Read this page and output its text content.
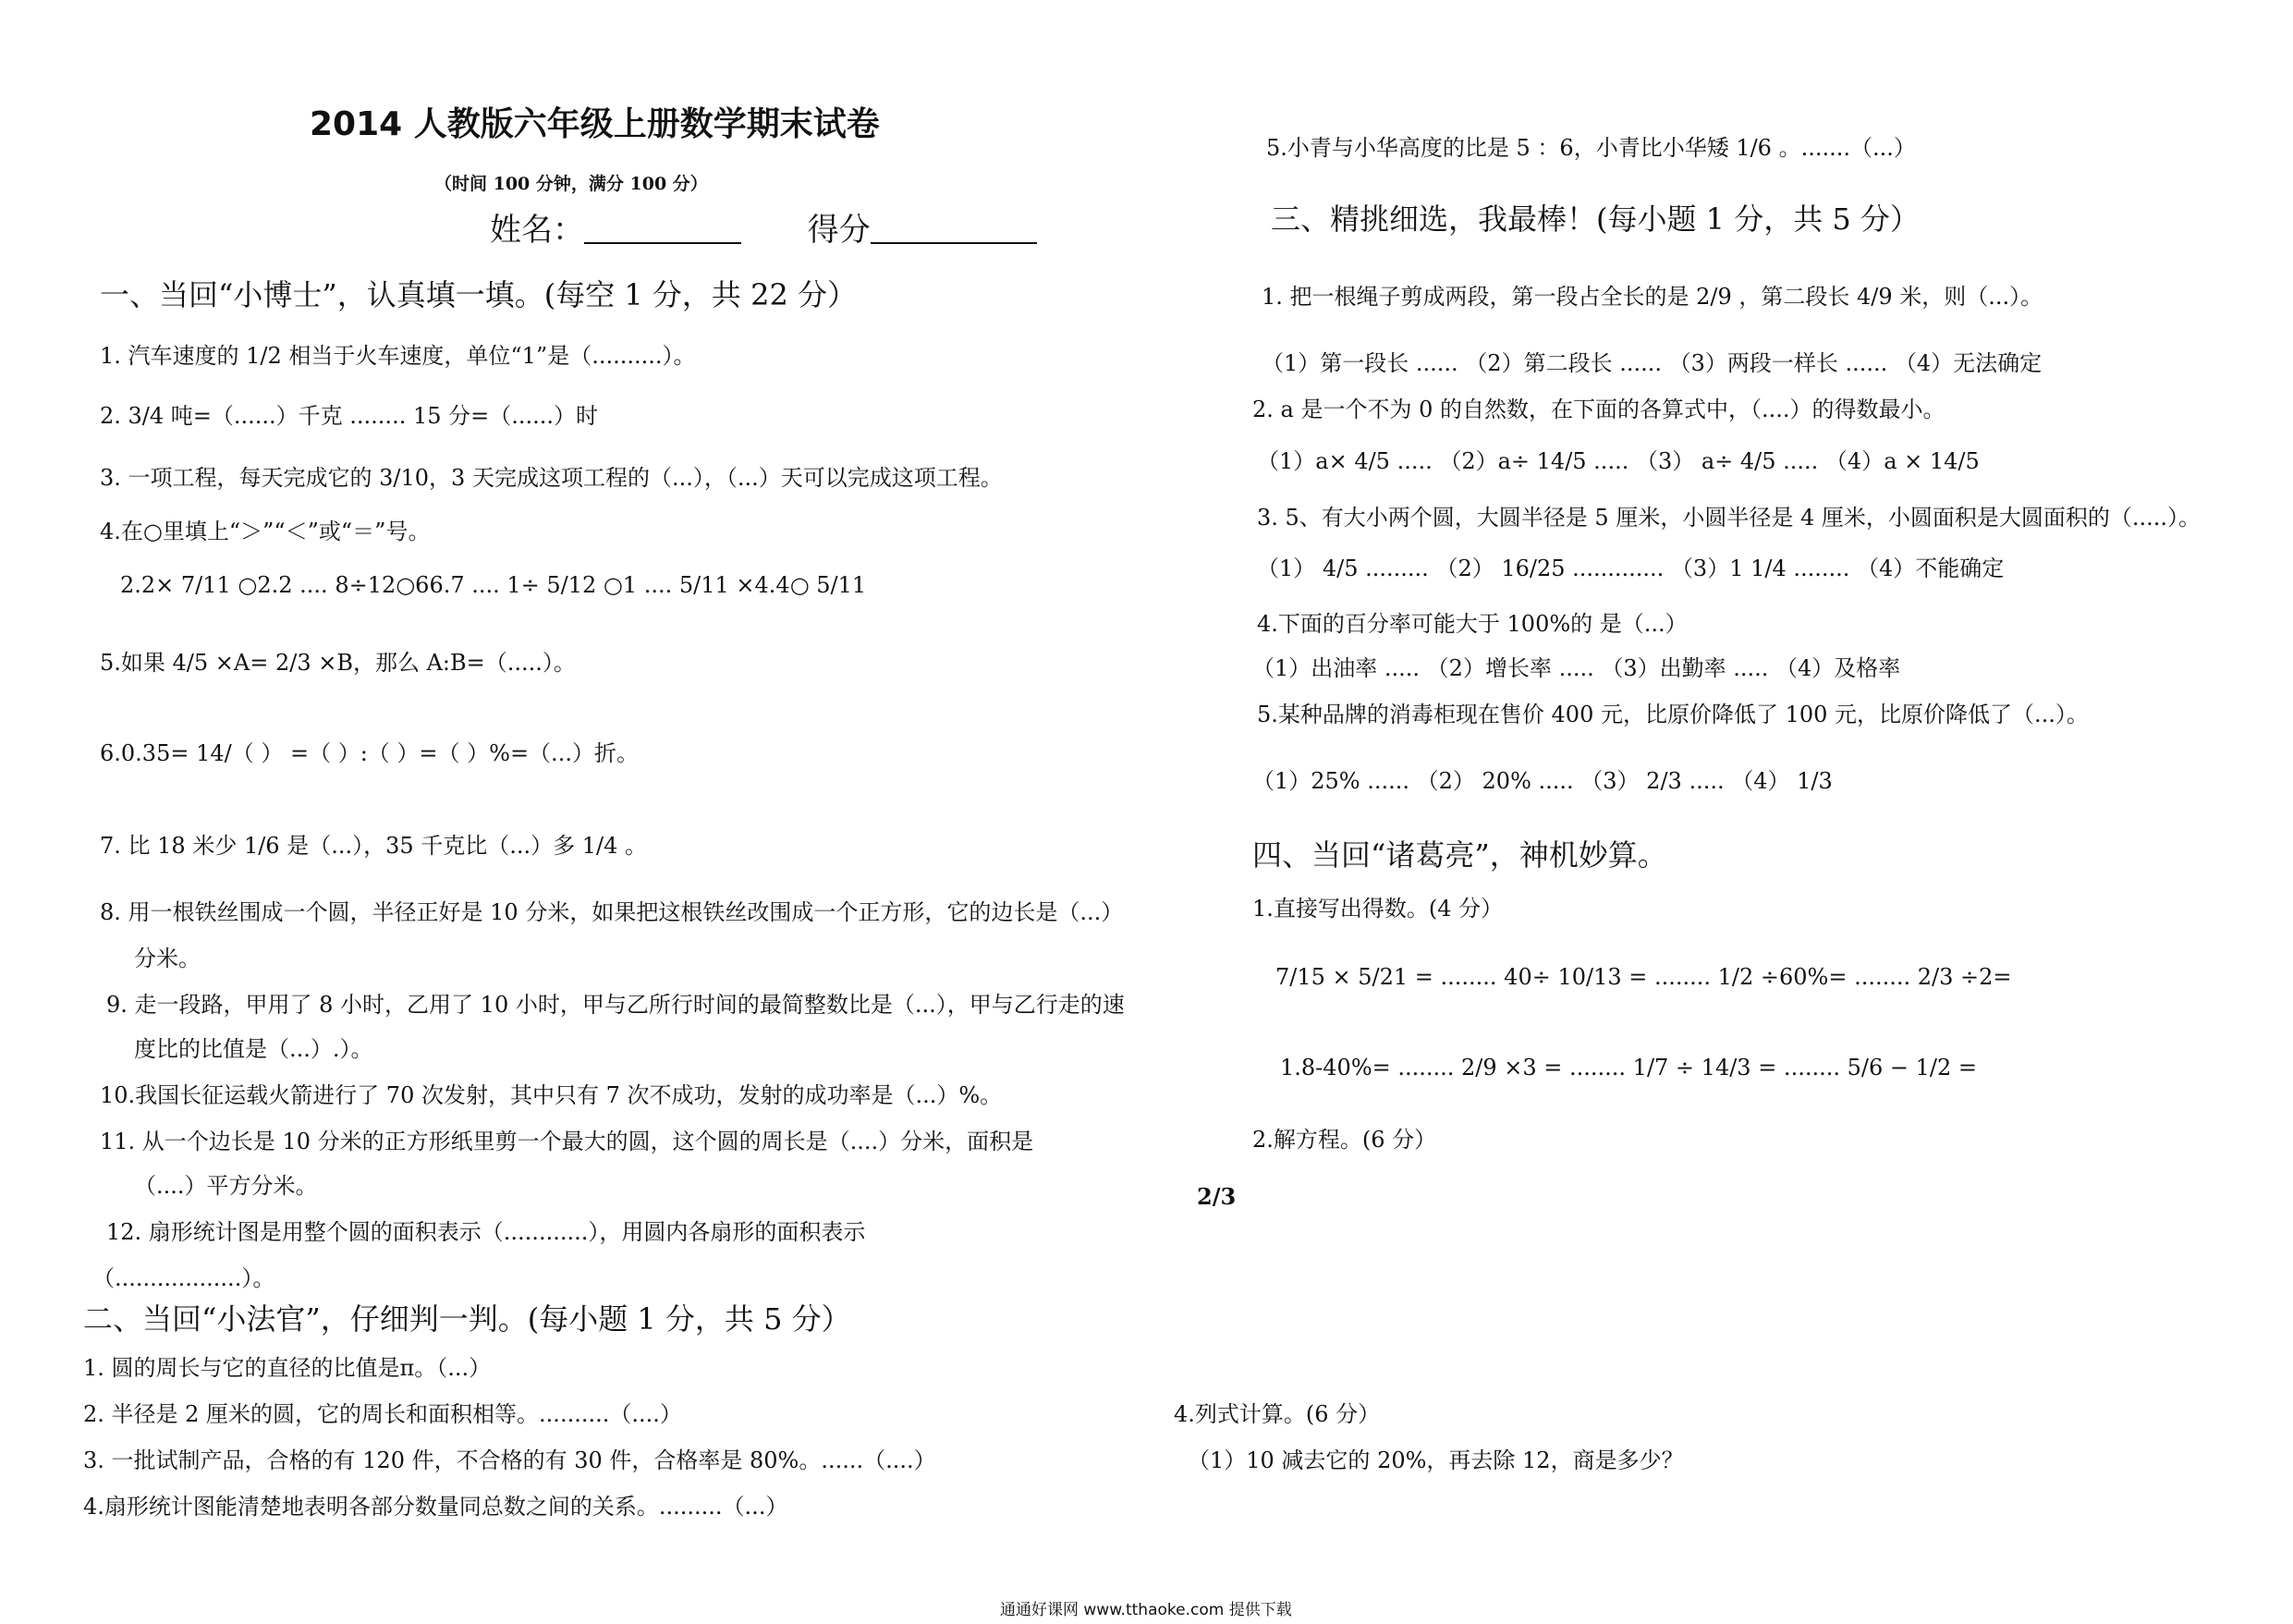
2014 人教版六年级上册数学期末试卷
（时间 100 分钟，满分 100 分）
姓名：	得分
一、当回“小博士”，认真填一填。(每空 1 分，共 22 分）
1. 汽车速度的 1/2 相当于火车速度，单位“1”是（..........）。
2. 3/4 吨=（......）千克 ........ 15 分=（......）时
3. 一项工程，每天完成它的 3/10，3 天完成这项工程的（...），（...）天可以完成这项工程。
4.在○里填上“＞”“＜”或“＝”号。
2.2× 7/11 ○2.2 .... 8÷12○66.7 .... 1÷ 5/12 ○1 .... 5/11 ×4.4○ 5/11
5.如果 4/5 ×A= 2/3 ×B，那么 A:B=（.....）。
6.0.35= 14/（ ） =（ ）:（ ）=（ ）%=（...）折。
7. 比 18 米少 1/6 是（...），35 千克比（...）多 1/4 。
8. 用一根铁丝围成一个圆，半径正好是 10 分米，如果把这根铁丝改围成一个正方形，它的边长是（...）
分米。
9. 走一段路，甲用了 8 小时，乙用了 10 小时，甲与乙所行时间的最简整数比是（...），甲与乙行走的速
度比的比值是（...）.）。
10.我国长征运载火箭进行了 70 次发射，其中只有 7 次不成功，发射的成功率是（...）%。
11. 从一个边长是 10 分米的正方形纸里剪一个最大的圆，这个圆的周长是（....）分米，面积是
（....）平方分米。
12. 扇形统计图是用整个圆的面积表示（............），用圆内各扇形的面积表示
（..................）。
2/3
二、当回“小法官”，仔细判一判。(每小题 1 分，共 5 分）
1. 圆的周长与它的直径的比值是π。（...）
2. 半径是 2 厘米的圆，它的周长和面积相等。..........（....）
3. 一批试制产品，合格的有 120 件，不合格的有 30 件，合格率是 80%。......（....）
4.扇形统计图能清楚地表明各部分数量同总数之间的关系。.........（...）
5.小青与小华高度的比是 5 ：6，小青比小华矮 1/6 。.......（...）
三、精挑细选，我最棒！(每小题 1 分，共 5 分）
1. 把一根绳子剪成两段，第一段占全长的是 2/9 ，第二段长 4/9 米，则（...）。
（1）第一段长 ...... （2）第二段长 ...... （3）两段一样长 ...... （4）无法确定
2. a 是一个不为 0 的自然数，在下面的各算式中，（....）的得数最小。
（1）a× 4/5 ..... （2）a÷ 14/5 ..... （3） a÷ 4/5 ..... （4）a × 14/5
3. 5、有大小两个圆，大圆半径是 5 厘米，小圆半径是 4 厘米，小圆面积是大圆面积的（.....）。
（1） 4/5 ......... （2） 16/25 ............. （3）1 1/4 ........ （4）不能确定
4.下面的百分率可能大于 100%的 是（...）
（1）出油率 ..... （2）增长率 ..... （3）出勤率 ..... （4）及格率
5.某种品牌的消毒柜现在售价 400 元，比原价降低了 100 元，比原价降低了（...）。
（1）25% ...... （2） 20% ..... （3） 2/3 ..... （4） 1/3
四、当回“诸葛亮”，神机妙算。
1.直接写出得数。(4 分）
7/15 × 5/21 = ........ 40÷ 10/13 = ........ 1/2 ÷60%= ........ 2/3 ÷2=
1.8-40%= ........ 2/9 ×3 = ........ 1/7 ÷ 14/3 = ........ 5/6 − 1/2 =
2.解方程。(6 分）
4.列式计算。(6 分）
（1）10 减去它的 20%，再去除 12，商是多少？
通通好课网 www.tthaoke.com 提供下载
